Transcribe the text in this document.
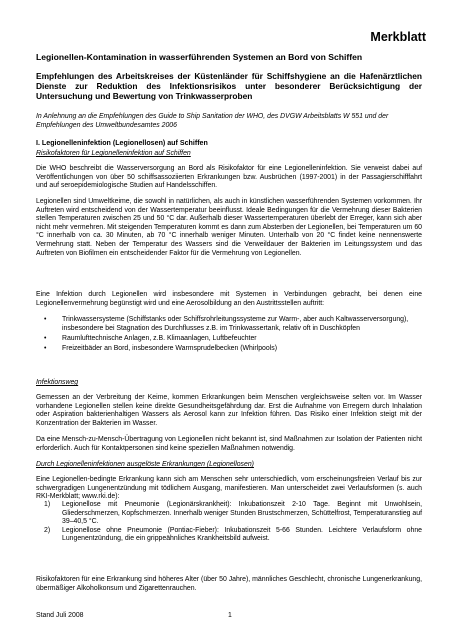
Merkblatt
Legionellen-Kontamination in wasserführenden Systemen an Bord von Schiffen
Empfehlungen des Arbeitskreises der Küstenländer für Schiffshygiene an die Hafenärztlichen Dienste zur Reduktion des Infektionsrisikos unter besonderer Berücksichtigung der Untersuchung und Bewertung von Trinkwasserproben
In Anlehnung an die Empfehlungen des Guide to Ship Sanitation der WHO, des DVGW Arbeitsblatts W 551 und der Empfehlungen des Umweltbundesamtes 2006
I. Legionelleninfektion (Legionellosen) auf Schiffen
Risikofaktoren für Legionelleninfektion auf Schiffen
Die WHO beschreibt die Wasserversorgung an Bord als Risikofaktor für eine Legionelleninfektion. Sie verweist dabei auf Veröffentlichungen von über 50 schiffsassoziierten Erkrankungen bzw. Ausbrüchen (1997-2001) in der Passagierschifffahrt und auf seroepidemiologische Studien auf Handelsschiffen.
Legionellen sind Umweltkeime, die sowohl in natürlichen, als auch in künstlichen wasserführenden Systemen vorkommen. Ihr Auftreten wird entscheidend von der Wassertemperatur beeinflusst. Ideale Bedingungen für die Vermehrung dieser Bakterien stellen Temperaturen zwischen 25 und 50 °C dar. Außerhalb dieser Wassertemperaturen überlebt der Erreger, kann sich aber nicht mehr vermehren. Mit steigenden Temperaturen kommt es dann zum Absterben der Legionellen, bei Temperaturen um 60 °C innerhalb von ca. 30 Minuten, ab 70 °C innerhalb weniger Minuten. Unterhalb von 20 °C findet keine nennenswerte Vermehrung statt. Neben der Temperatur des Wassers sind die Verweildauer der Bakterien im Leitungssystem und das Auftreten von Biofilmen ein entscheidender Faktor für die Vermehrung von Legionellen.
Eine Infektion durch Legionellen wird insbesondere mit Systemen in Verbindungen gebracht, bei denen eine Legionellenvermehrung begünstigt wird und eine Aerosolbildung an den Austrittsstellen auftritt:
• Trinkwassersysteme (Schiffstanks oder Schiffsrohrleitungssysteme zur Warm-, aber auch Kaltwasserversorgung), insbesondere bei Stagnation des Durchflusses z.B. im Trinkwassertank, relativ oft in Duschköpfen
• Raumlufttechnische Anlagen, z.B. Klimaanlagen, Luftbefeuchter
• Freizeitbäder an Bord, insbesondere Warmsprudelbecken (Whirlpools)
Infektionsweg
Gemessen an der Verbreitung der Keime, kommen Erkrankungen beim Menschen vergleichsweise selten vor. Im Wasser vorhandene Legionellen stellen keine direkte Gesundheitsgefährdung dar. Erst die Aufnahme von Erregern durch Inhalation oder Aspiration bakterienhaltigen Wassers als Aerosol kann zur Infektion führen. Das Risiko einer Infektion steigt mit der Konzentration der Bakterien im Wasser.
Da eine Mensch-zu-Mensch-Übertragung von Legionellen nicht bekannt ist, sind Maßnahmen zur Isolation der Patienten nicht erforderlich. Auch für Kontaktpersonen sind keine speziellen Maßnahmen notwendig.
Durch Legionelleninfektionen ausgelöste Erkrankungen (Legionellosen)
Eine Legionellen-bedingte Erkrankung kann sich am Menschen sehr unterschiedlich, vom erscheinungsfreien Verlauf bis zur schwergradigen Lungenentzündung mit tödlichem Ausgang, manifestieren. Man unterscheidet zwei Verlaufsformen (s. auch RKI-Merkblatt; www.rki.de):
1) Legionellose mit Pneumonie (Legionärskrankheit): Inkubationszeit 2-10 Tage. Beginnt mit Unwohlsein, Gliederschmerzen, Kopfschmerzen. Innerhalb weniger Stunden Brustschmerzen, Schüttelfrost, Temperaturanstieg auf 39–40,5 °C.
2) Legionellose ohne Pneumonie (Pontiac-Fieber): Inkubationszeit 5-66 Stunden. Leichtere Verlaufsform ohne Lungenentzündung, die ein grippeähnliches Krankheitsbild aufweist.
Risikofaktoren für eine Erkrankung sind höheres Alter (über 50 Jahre), männliches Geschlecht, chronische Lungenerkrankung, übermäßiger Alkoholkonsum und Zigarettenrauchen.
Stand Juli 2008	1
